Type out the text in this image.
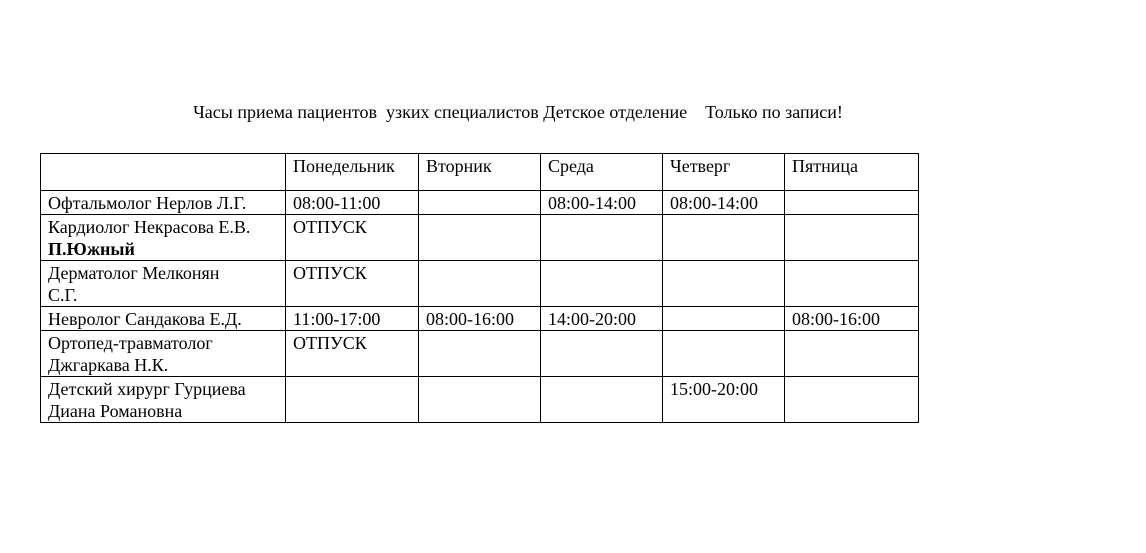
Часы приема пациентов  узких специалистов Детское отделение    Только по записи!
	Понедельник	Вторник	Среда	Четверг	Пятница

Офтальмолог Нерлов Л.Г.	08:00-11:00		08:00-14:00	08:00-14:00	

Кардиолог Некрасова Е.В.
П.Южный	ОТПУСК				

Дерматолог Мелконян
С.Г.	ОТПУСК				

Невролог Сандакова Е.Д.	11:00-17:00	08:00-16:00	14:00-20:00		08:00-16:00

Ортопед-травматолог
Джгаркава Н.К.	ОТПУСК				

Детский хирург Гурциева
Диана Романовна				15:00-20:00	
